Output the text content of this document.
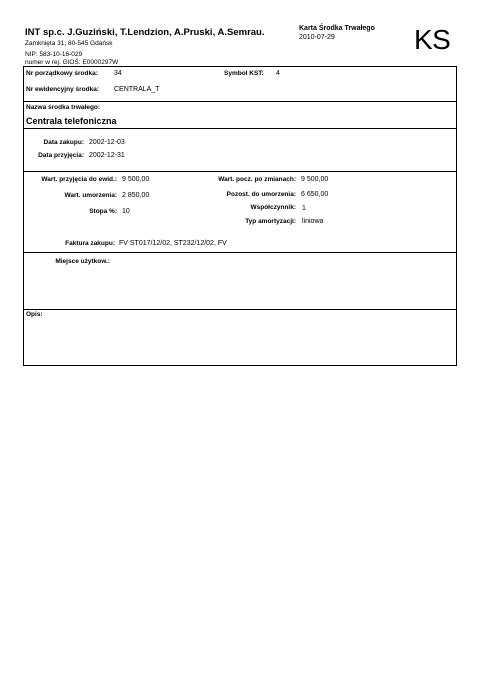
INT sp.c. J.Guziński, T.Lendzion, A.Pruski, A.Semrau.
Zamknięta 31, 80-545 Gdańsk
NIP: 583-10-16-029
numer w rej. GIOŚ: E0000297W
Karta Środka Trwałego
2010-07-29	KS
Nr porządkowy środka: 34	Symbol KST: 4
Nr ewidencyjny środka: CENTRALA_T
Nazwa środka trwałego:
Centrala telefoniczna
Data zakupu: 2002-12-03
Data przyjęcia: 2002-12-31
Wart. przyjęcia do ewid.: 9 500,00
Wart. umorzenia: 2 850,00
Stopa %: 10
Wart. pocz. po zmianach: 9 500,00
Pozost. do umorzenia: 6 650,00
Współczynnik: 1
Typ amortyzacji: liniowa
Faktura zakupu: FV ST017/12/02, ST232/12/02, FV
Miejsce użytkow.:
Opis:
